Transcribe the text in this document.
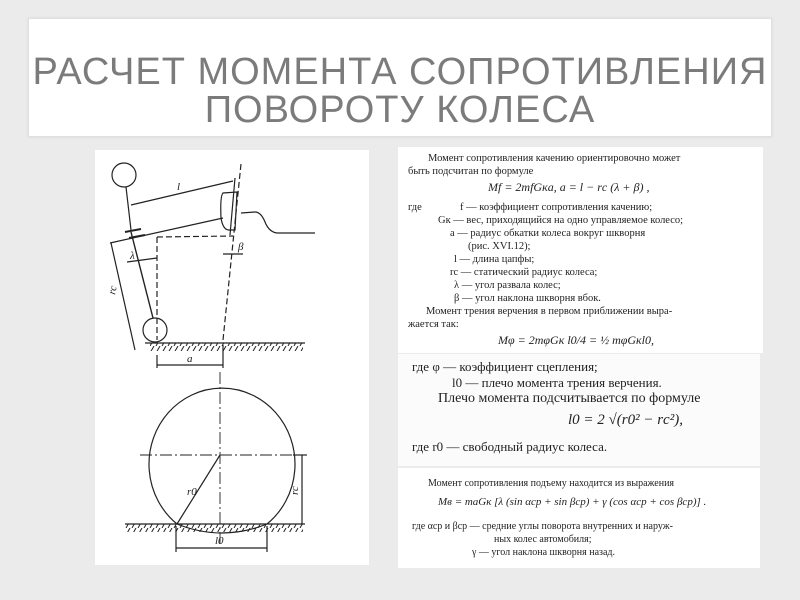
РАСЧЕТ МОМЕНТА СОПРОТИВЛЕНИЯ
ПОВОРОТУ КОЛЕСА
l
λ
β
rc
a
r0	rc
l0
Момент сопротивления качению ориентировочно может
быть подсчитан по формуле
Mf = 2mfGкa, a = l − rс (λ + β) ,
где	f — коэффициент сопротивления качению;
Gк — вес, приходящийся на одно управляемое колесо;
a — радиус обкатки колеса вокруг шкворня
(рис. XVI.12);
l — длина цапфы;
rс — статический радиус колеса;
λ — угол развала колес;
β — угол наклона шкворня вбок.
Момент трения верчения в первом приближении выра-
жается так:
Mφ = 2mφGк l0/4 = ½ mφGкl0,
где φ — коэффициент сцепления;
l0 — плечо момента трения верчения.
Плечо момента подсчитывается по формуле
l0 = 2 √(r0² − rс²),
где r0 — свободный радиус колеса.
Момент сопротивления подъему находится из выражения
Mв = maGк [λ (sin αср + sin βср) + γ (cos αср + cos βср)] .
где αср и βср — средние углы поворота внутренних и наруж-
ных колес автомобиля;
γ — угол наклона шкворня назад.
